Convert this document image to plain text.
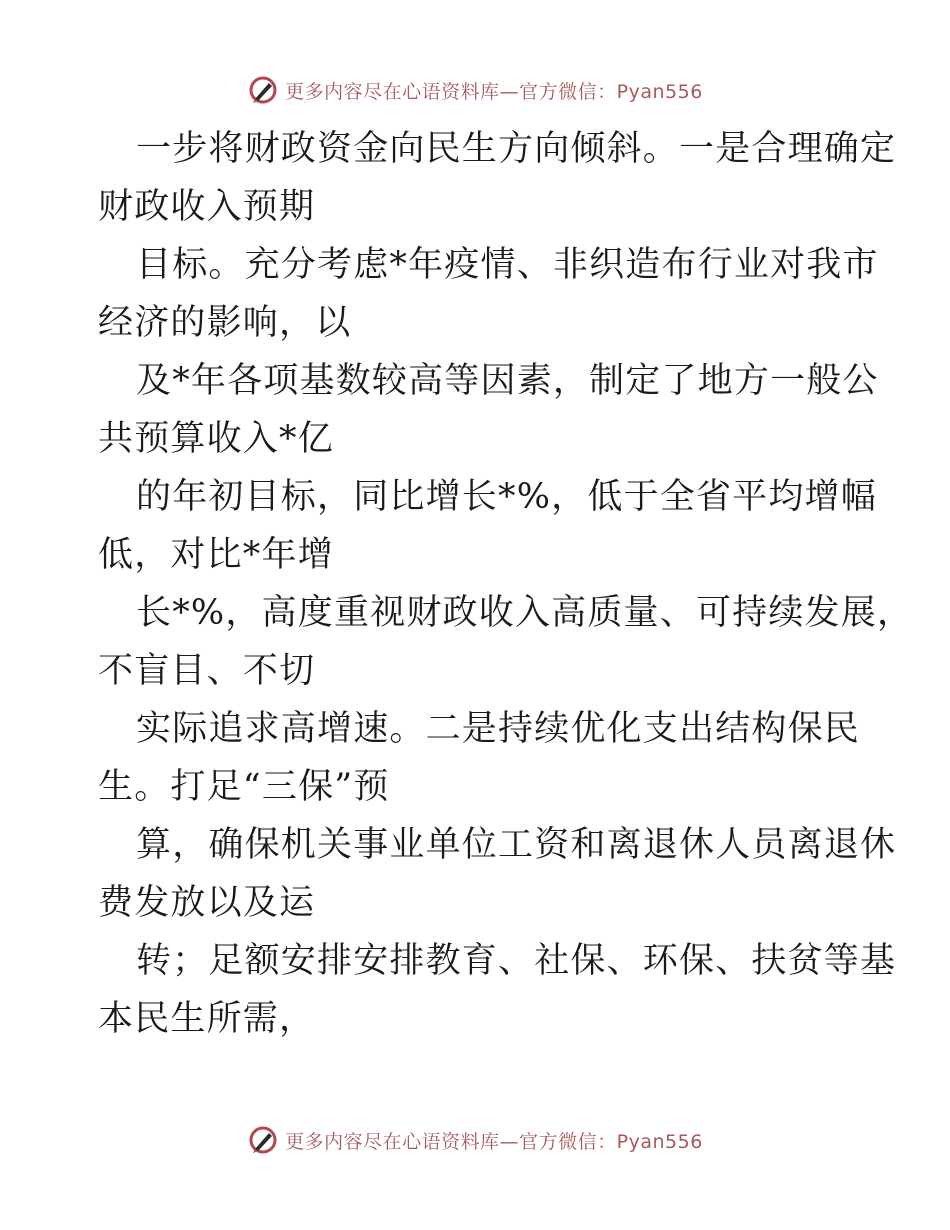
更多内容尽在心语资料库—官方微信：Pyan556

一步将财政资金向民生方向倾斜。一是合理确定
财政收入预期

目标。充分考虑*年疫情、非织造布行业对我市
经济的影响，以

及*年各项基数较高等因素，制定了地方一般公
共预算收入*亿

的年初目标，同比增长*%，低于全省平均增幅
低，对比*年增

长*%，高度重视财政收入高质量、可持续发展，
不盲目、不切

实际追求高增速。二是持续优化支出结构保民
生。打足“三保”预

算，确保机关事业单位工资和离退休人员离退休
费发放以及运

转；足额安排安排教育、社保、环保、扶贫等基
本民生所需，

更多内容尽在心语资料库—官方微信：Pyan556
